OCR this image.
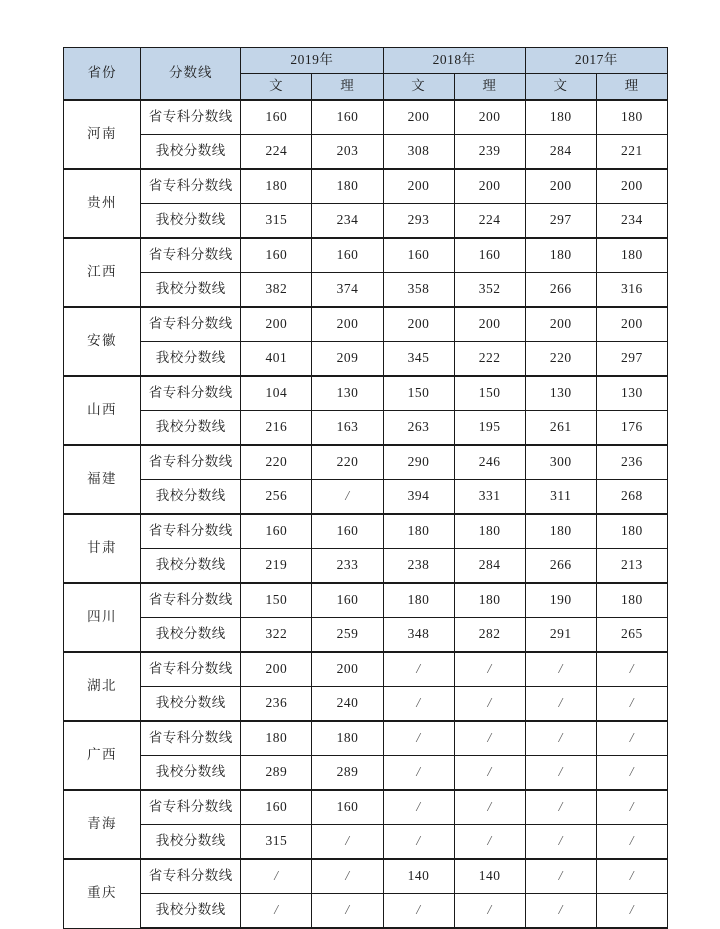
省份	分数线	2019年		2018年		2017年	
		文	理	文	理	文	理
河南	省专科分数线	160	160	200	200	180	180
	我校分数线	224	203	308	239	284	221
贵州	省专科分数线	180	180	200	200	200	200
	我校分数线	315	234	293	224	297	234
江西	省专科分数线	160	160	160	160	180	180
	我校分数线	382	374	358	352	266	316
安徽	省专科分数线	200	200	200	200	200	200
	我校分数线	401	209	345	222	220	297
山西	省专科分数线	104	130	150	150	130	130
	我校分数线	216	163	263	195	261	176
福建	省专科分数线	220	220	290	246	300	236
	我校分数线	256	/	394	331	311	268
甘肃	省专科分数线	160	160	180	180	180	180
	我校分数线	219	233	238	284	266	213
四川	省专科分数线	150	160	180	180	190	180
	我校分数线	322	259	348	282	291	265
湖北	省专科分数线	200	200	/	/	/	/
	我校分数线	236	240	/	/	/	/
广西	省专科分数线	180	180	/	/	/	/
	我校分数线	289	289	/	/	/	/
青海	省专科分数线	160	160	/	/	/	/
	我校分数线	315	/	/	/	/	/
重庆	省专科分数线	/	/	140	140	/	/
	我校分数线	/	/	/	/	/	/
